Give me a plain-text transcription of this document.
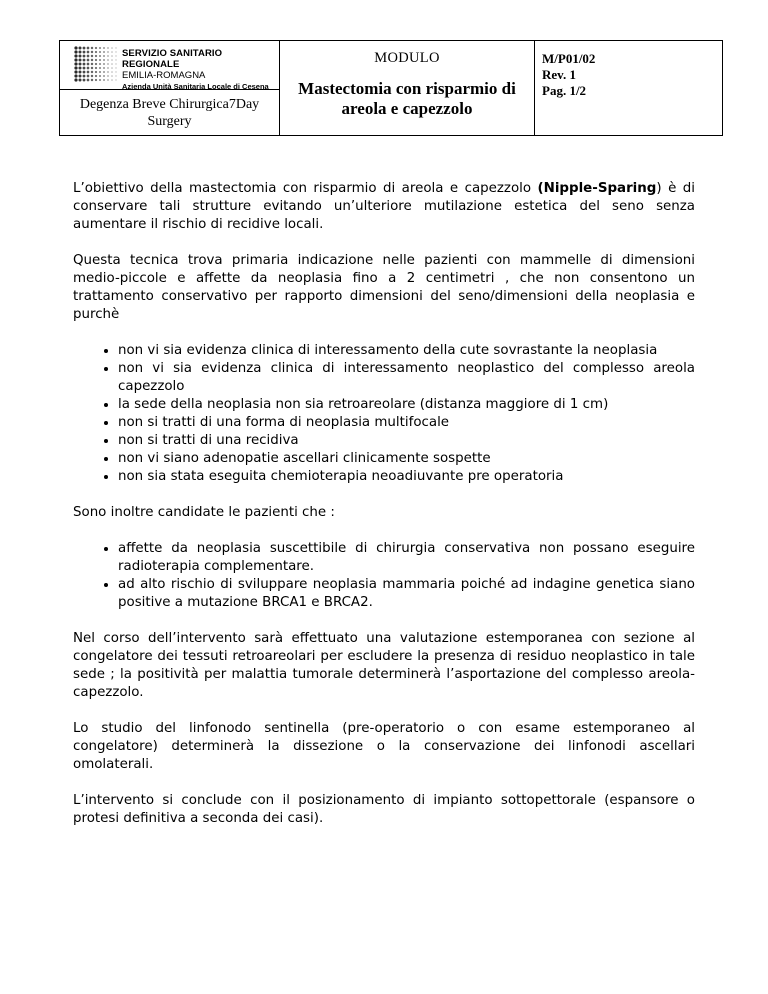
SERVIZIO SANITARIO REGIONALE
EMILIA-ROMAGNA
Azienda Unità Sanitaria Locale di Cesena
Degenza Breve Chirurgica7Day Surgery

MODULO
Mastectomia con risparmio di areola e capezzolo

M/P01/02
Rev. 1
Pag. 1/2

L’obiettivo della mastectomia con risparmio di areola e capezzolo (Nipple-Sparing) è di conservare tali strutture evitando un’ulteriore mutilazione estetica del seno senza aumentare il rischio di recidive locali.

Questa tecnica trova primaria indicazione nelle pazienti con mammelle di dimensioni medio-piccole e affette da neoplasia fino a 2 centimetri , che non consentono un trattamento conservativo per rapporto dimensioni del seno/dimensioni della neoplasia e purchè

• non vi sia evidenza clinica di interessamento della cute sovrastante la neoplasia
• non vi sia evidenza clinica di interessamento neoplastico del complesso areola capezzolo
• la sede della neoplasia non sia retroareolare (distanza maggiore di 1 cm)
• non si tratti di una forma di neoplasia multifocale
• non si tratti di una recidiva
• non vi siano adenopatie ascellari clinicamente sospette
• non sia stata eseguita chemioterapia neoadiuvante pre operatoria

Sono inoltre candidate le pazienti che :

• affette da neoplasia suscettibile di chirurgia conservativa non possano eseguire radioterapia complementare.
• ad alto rischio di sviluppare neoplasia mammaria poiché ad indagine genetica siano positive a mutazione BRCA1 e BRCA2.

Nel corso dell’intervento sarà effettuato una valutazione estemporanea con sezione al congelatore dei tessuti retroareolari per escludere la presenza di residuo neoplastico in tale sede ; la positività per malattia tumorale determinerà l’asportazione del complesso areola-capezzolo.

Lo studio del linfonodo sentinella (pre-operatorio o con esame estemporaneo al congelatore) determinerà la dissezione o la conservazione dei linfonodi ascellari omolaterali.

L’intervento si conclude con il posizionamento di impianto sottopettorale (espansore o protesi definitiva a seconda dei casi).
